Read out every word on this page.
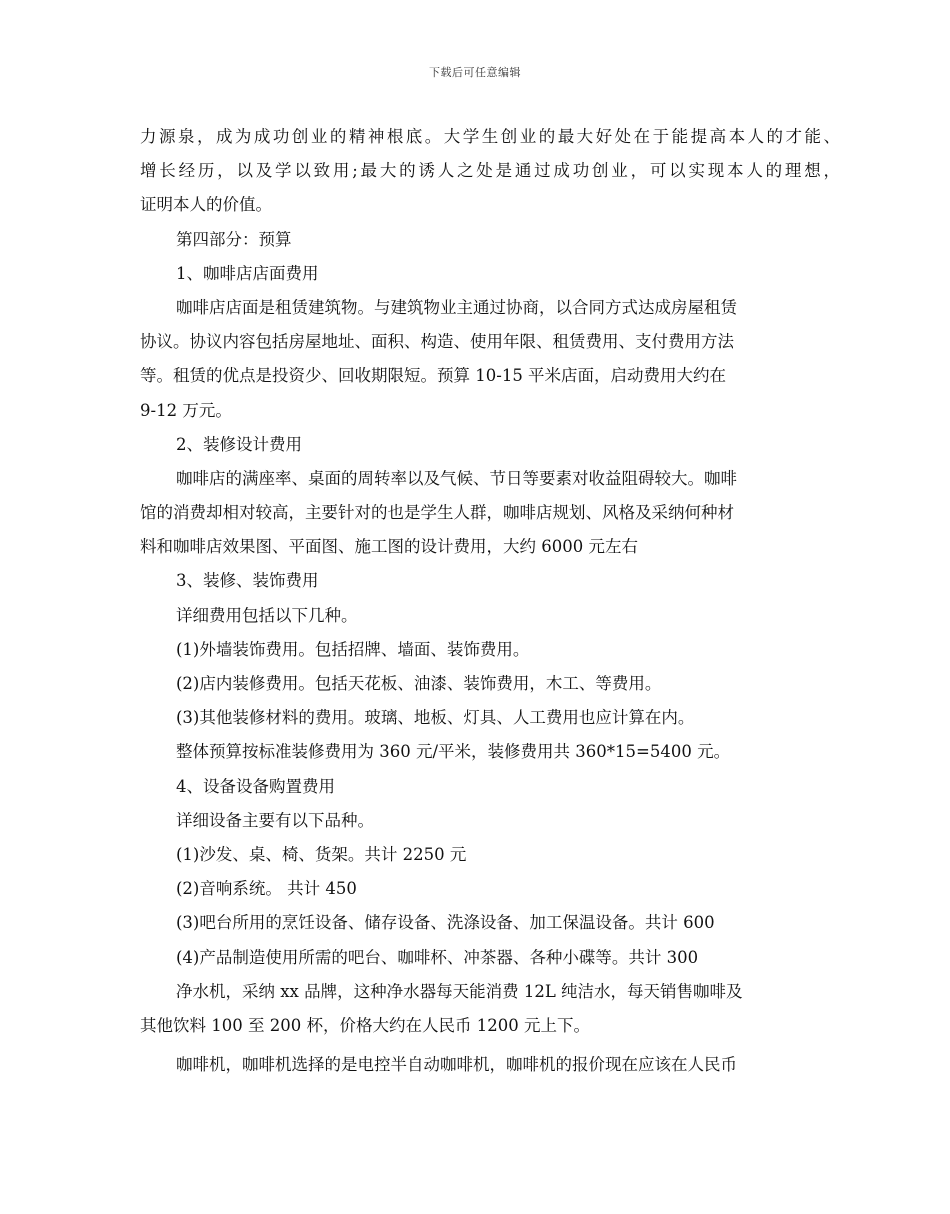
下载后可任意编辑
力源泉，成为成功创业的精神根底。大学生创业的最大好处在于能提高本人的才能、
增长经历，以及学以致用;最大的诱人之处是通过成功创业，可以实现本人的理想，
证明本人的价值。
第四部分：预算
1、咖啡店店面费用
咖啡店店面是租赁建筑物。与建筑物业主通过协商，以合同方式达成房屋租赁
协议。协议内容包括房屋地址、面积、构造、使用年限、租赁费用、支付费用方法
等。租赁的优点是投资少、回收期限短。预算 10-15 平米店面，启动费用大约在
9-12 万元。
2、装修设计费用
咖啡店的满座率、桌面的周转率以及气候、节日等要素对收益阻碍较大。咖啡
馆的消费却相对较高，主要针对的也是学生人群，咖啡店规划、风格及采纳何种材
料和咖啡店效果图、平面图、施工图的设计费用，大约 6000 元左右
3、装修、装饰费用
详细费用包括以下几种。
(1)外墙装饰费用。包括招牌、墙面、装饰费用。
(2)店内装修费用。包括天花板、油漆、装饰费用，木工、等费用。
(3)其他装修材料的费用。玻璃、地板、灯具、人工费用也应计算在内。
整体预算按标准装修费用为 360 元/平米，装修费用共 360*15=5400 元。
4、设备设备购置费用
详细设备主要有以下品种。
(1)沙发、桌、椅、货架。共计 2250 元
(2)音响系统。 共计 450
(3)吧台所用的烹饪设备、储存设备、洗涤设备、加工保温设备。共计 600
(4)产品制造使用所需的吧台、咖啡杯、冲茶器、各种小碟等。共计 300
净水机，采纳 xx 品牌，这种净水器每天能消费 12L 纯洁水，每天销售咖啡及
其他饮料 100 至 200 杯，价格大约在人民币 1200 元上下。
咖啡机，咖啡机选择的是电控半自动咖啡机，咖啡机的报价现在应该在人民币
